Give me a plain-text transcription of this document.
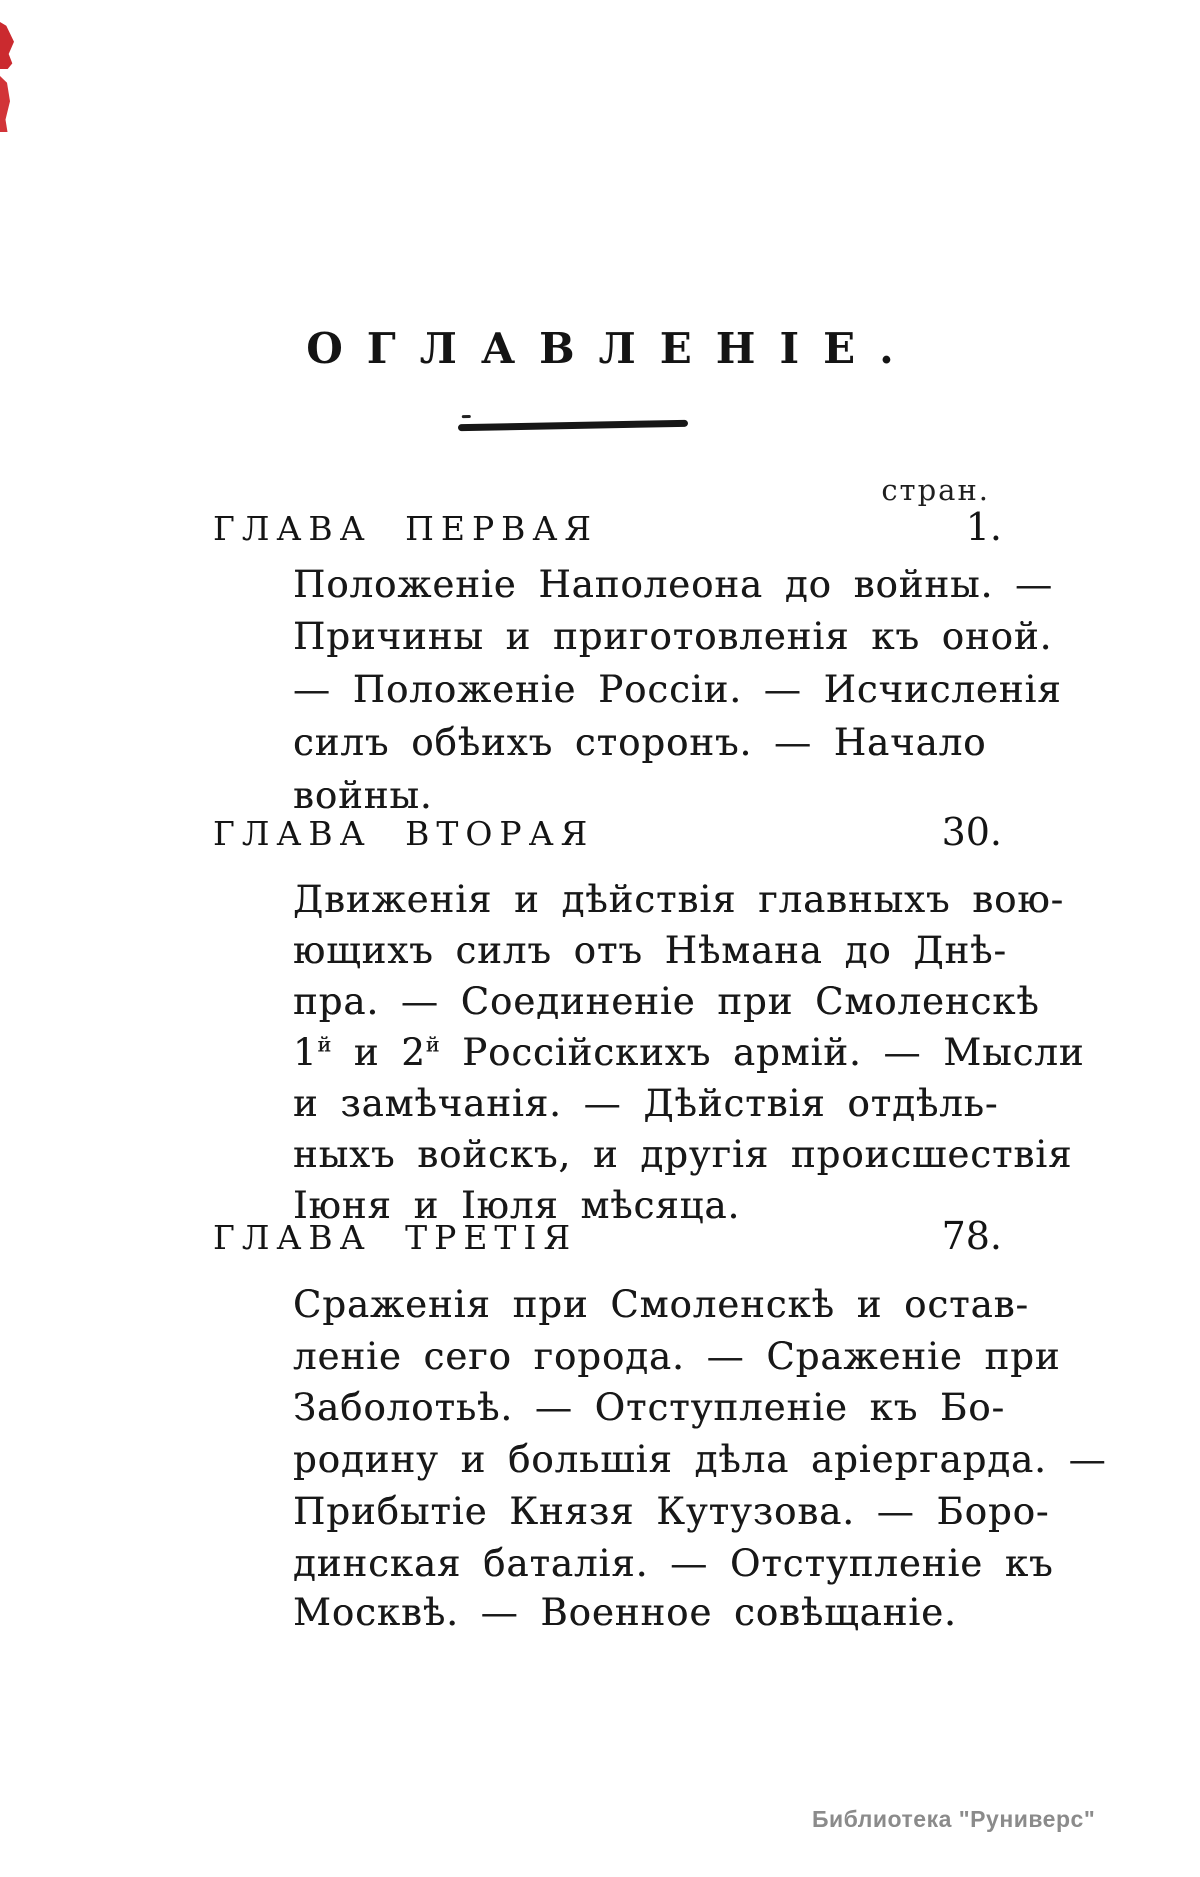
ОГЛАВЛЕНІЕ.
стран.
ГЛАВА ПЕРВАЯ	1.
Положеніе Наполеона до войны. —
Причины и приготовленія къ оной.
— Положеніе Россіи. — Исчисленія
силъ обѣихъ сторонъ. — Начало
войны.
ГЛАВА ВТОРАЯ	30.
Движенія и дѣйствія главныхъ вою-
ющихъ силъ отъ Нѣмана до Днѣ-
пра. — Соединеніе при Смоленскѣ
$1^й$ и $2^й$ Россійскихъ армій. — Мысли
и замѣчанія. — Дѣйствія отдѣль-
ныхъ войскъ, и другія происшествія
Іюня и Іюля мѣсяца.
ГЛАВА ТРЕТІЯ	78.
Сраженія при Смоленскѣ и остав-
леніе сего города. — Сраженіе при
Заболотьѣ. — Отступленіе къ Бо-
родину и большія дѣла аріергарда. —
Прибытіе Князя Кутузова. — Боро-
динская баталія. — Отступленіе къ
Москвѣ. — Военное совѣщаніе.
Библиотека "Руниверс"
